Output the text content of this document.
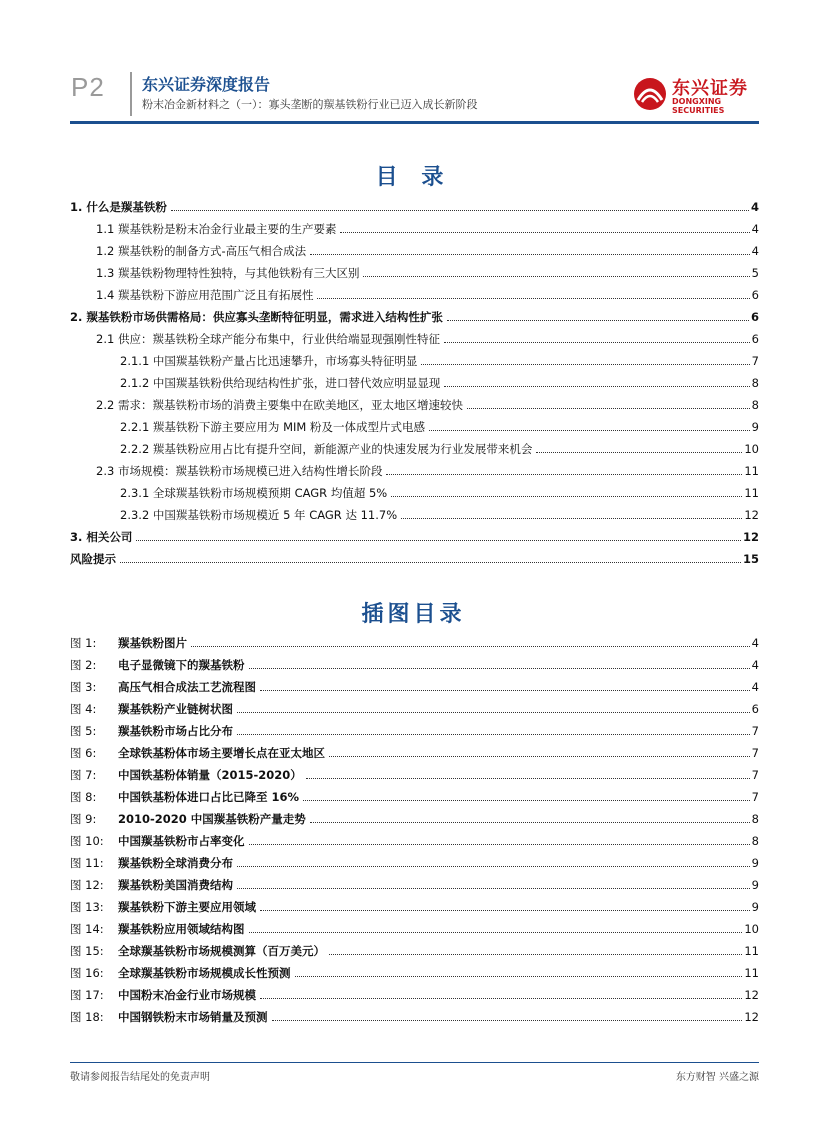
P2 东兴证券深度报告
粉末冶金新材料之（一）：寡头垄断的羰基铁粉行业已迈入成长新阶段
东兴证券
DONGXING SECURITIES
目 录
1. 什么是羰基铁粉	4
1.1 羰基铁粉是粉末冶金行业最主要的生产要素	4
1.2 羰基铁粉的制备方式-高压气相合成法	4
1.3 羰基铁粉物理特性独特，与其他铁粉有三大区别	5
1.4 羰基铁粉下游应用范围广泛且有拓展性	6
2. 羰基铁粉市场供需格局：供应寡头垄断特征明显，需求进入结构性扩张	6
2.1 供应：羰基铁粉全球产能分布集中，行业供给端显现强刚性特征	6
2.1.1 中国羰基铁粉产量占比迅速攀升，市场寡头特征明显	7
2.1.2 中国羰基铁粉供给现结构性扩张，进口替代效应明显显现	8
2.2 需求：羰基铁粉市场的消费主要集中在欧美地区，亚太地区增速较快	8
2.2.1 羰基铁粉下游主要应用为 MIM 粉及一体成型片式电感	9
2.2.2 羰基铁粉应用占比有提升空间，新能源产业的快速发展为行业发展带来机会	10
2.3 市场规模：羰基铁粉市场规模已进入结构性增长阶段	11
2.3.1 全球羰基铁粉市场规模预期 CAGR 均值超 5%	11
2.3.2 中国羰基铁粉市场规模近 5 年 CAGR 达 11.7%	12
3. 相关公司	12
风险提示	15
插图目录
图 1:	羰基铁粉图片	4
图 2:	电子显微镜下的羰基铁粉	4
图 3:	高压气相合成法工艺流程图	4
图 4:	羰基铁粉产业链树状图	6
图 5:	羰基铁粉市场占比分布	7
图 6:	全球铁基粉体市场主要增长点在亚太地区	7
图 7:	中国铁基粉体销量（2015-2020）	7
图 8:	中国铁基粉体进口占比已降至 16%	7
图 9:	2010-2020 中国羰基铁粉产量走势	8
图 10:	中国羰基铁粉市占率变化	8
图 11:	羰基铁粉全球消费分布	9
图 12:	羰基铁粉美国消费结构	9
图 13:	羰基铁粉下游主要应用领域	9
图 14:	羰基铁粉应用领域结构图	10
图 15:	全球羰基铁粉市场规模测算（百万美元）	11
图 16:	全球羰基铁粉市场规模成长性预测	11
图 17:	中国粉末冶金行业市场规模	12
图 18:	中国钢铁粉末市场销量及预测	12
敬请参阅报告结尾处的免责声明	东方财智 兴盛之源
